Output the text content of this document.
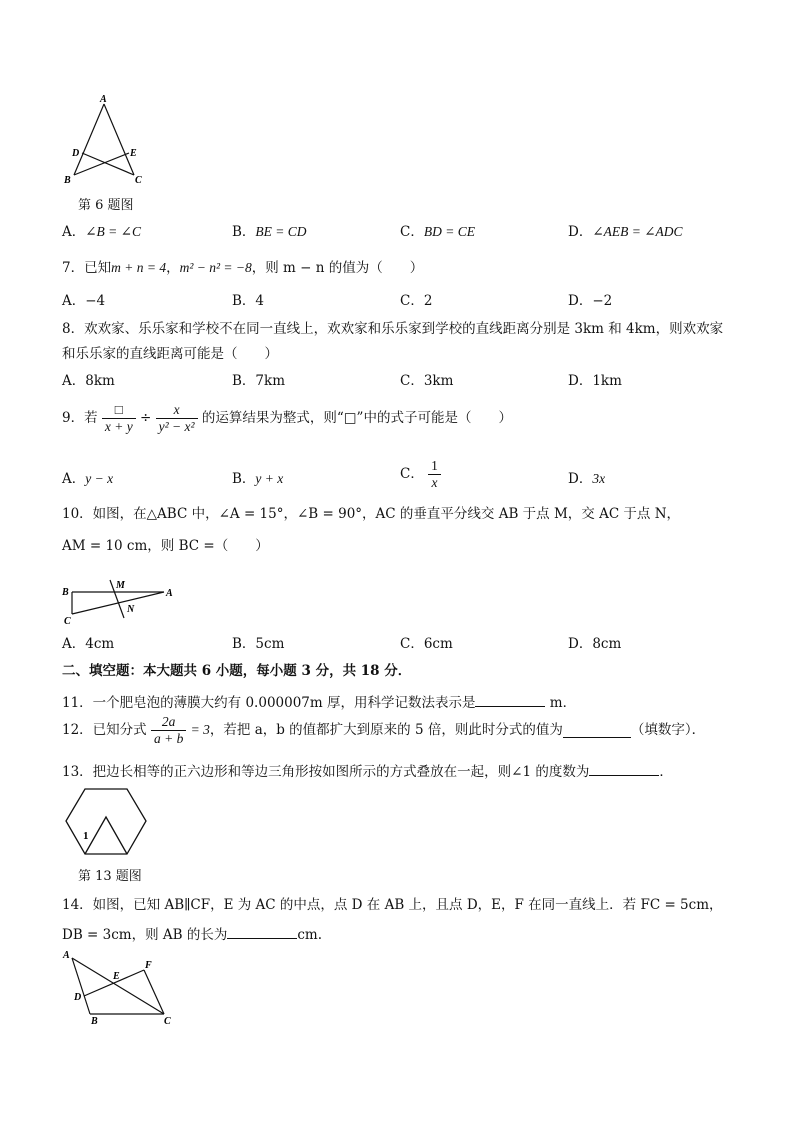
A
D	E
B	C
第 6 题图
A．∠B = ∠C	B．BE = CD	C．BD = CE	D．∠AEB = ∠ADC
7．已知m + n = 4，m² − n² = −8，则 m − n 的值为（　　）
A．−4	B．4	C．2	D．−2
8．欢欢家、乐乐家和学校不在同一直线上，欢欢家和乐乐家到学校的直线距离分别是 3km 和 4km，则欢欢家
和乐乐家的直线距离可能是（　　）
A．8km	B．7km	C．3km	D．1km
9．若 $\frac{□}{x + y} \div \frac{x}{\text{y² − x²}}$ 的运算结果为整式，则“□”中的式子可能是（　　）
A．y − x	B．y + x	C． $\frac{1}{x}$	D．3x
10．如图，在△ABC 中，∠A = 15°，∠B = 90°，AC 的垂直平分线交 AB 于点 M，交 AC 于点 N，
AM = 10 cm，则 BC =（　　）
B
M
A
C
N
A．4cm	B．5cm	C．6cm	D．8cm
二、填空题：本大题共 6 小题，每小题 3 分，共 18 分．
11．一个肥皂泡的薄膜大约有 0.000007m 厚，用科学记数法表示是	m．
12．已知分式 $\frac{2a}{a + b} = 3$，若把 a，b 的值都扩大到原来的 5 倍，则此时分式的值为	（填数字）．
13．把边长相等的正六边形和等边三角形按如图所示的方式叠放在一起，则∠1 的度数为	．
1
第 13 题图
14．如图，已知 AB∥CF，E 为 AC 的中点，点 D 在 AB 上，且点 D，E，F 在同一直线上．若 FC = 5cm，
DB = 3cm，则 AB 的长为	cm.
A
E
F
D
B	C
